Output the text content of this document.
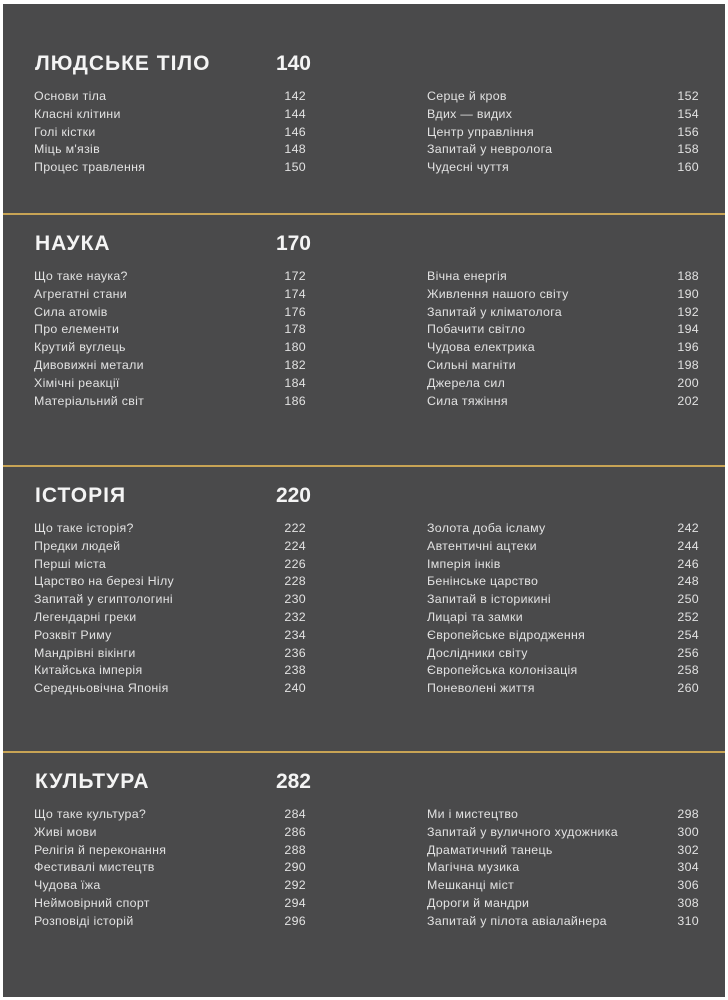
ЛЮДСЬКЕ ТІЛО	140
Основи тіла	142
Класні клітини	144
Голі кістки	146
Міць м'язів	148
Процес травлення	150
Серце й кров	152
Вдих — видих	154
Центр управління	156
Запитай у невролога	158
Чудесні чуття	160
НАУКА	170
Що таке наука?	172
Агрегатні стани	174
Сила атомів	176
Про елементи	178
Крутий вуглець	180
Дивовижні метали	182
Хімічні реакції	184
Матеріальний світ	186
Вічна енергія	188
Живлення нашого світу	190
Запитай у кліматолога	192
Побачити світло	194
Чудова електрика	196
Сильні магніти	198
Джерела сил	200
Сила тяжіння	202
ІСТОРІЯ	220
Що таке історія?	222
Предки людей	224
Перші міста	226
Царство на березі Нілу	228
Запитай у єгиптологині	230
Легендарні греки	232
Розквіт Риму	234
Мандрівні вікінги	236
Китайська імперія	238
Середньовічна Японія	240
Золота доба ісламу	242
Автентичні ацтеки	244
Імперія інків	246
Бенінське царство	248
Запитай в історикині	250
Лицарі та замки	252
Європейське відродження	254
Дослідники світу	256
Європейська колонізація	258
Поневолені життя	260
КУЛЬТУРА	282
Що таке культура?	284
Живі мови	286
Релігія й переконання	288
Фестивалі мистецтв	290
Чудова їжа	292
Неймовірний спорт	294
Розповіді історій	296
Ми і мистецтво	298
Запитай у вуличного художника	300
Драматичний танець	302
Магічна музика	304
Мешканці міст	306
Дороги й мандри	308
Запитай у пілота авіалайнера	310
